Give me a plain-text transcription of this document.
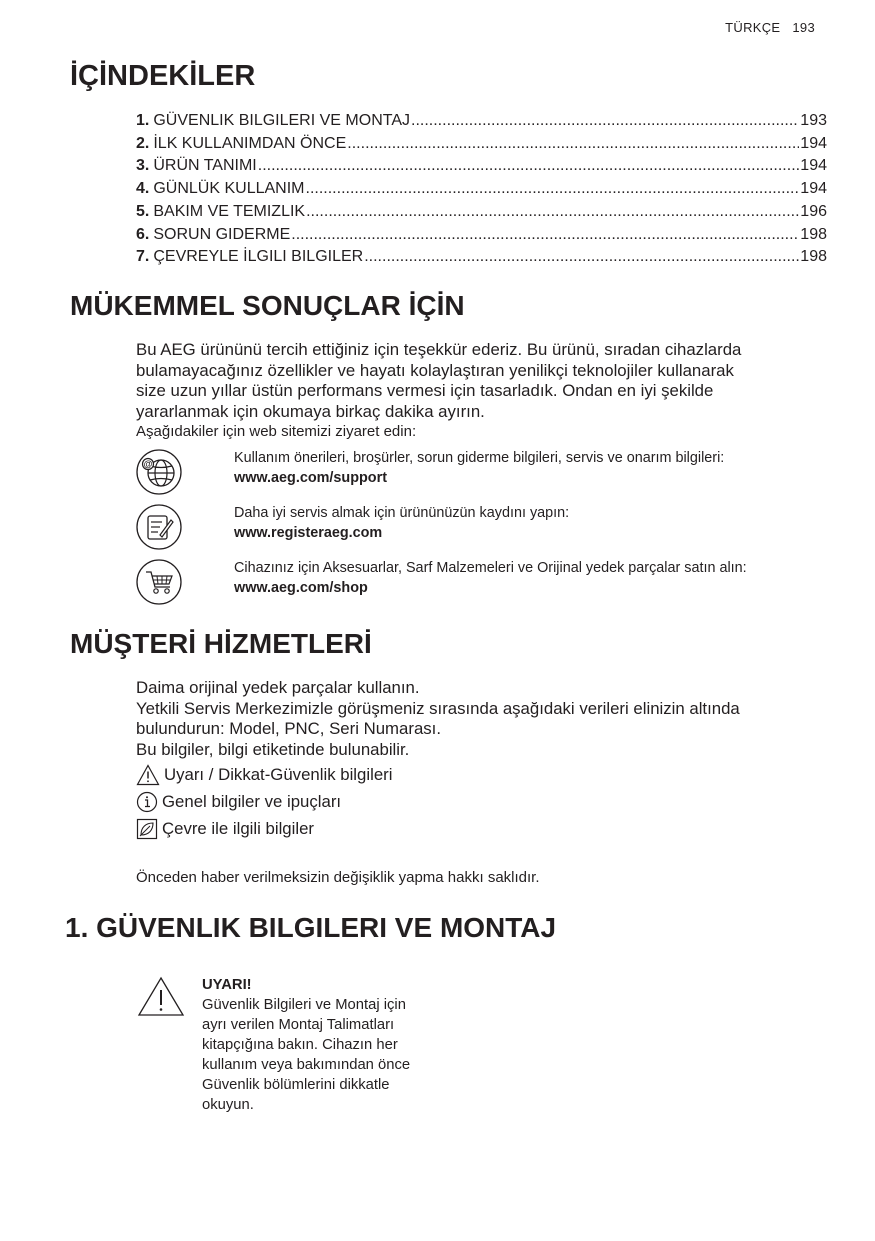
TÜRKÇE 193
İÇİNDEKİLER
1. GÜVENLIK BILGILERI VE MONTAJ .....	193
2. İLK KULLANIMDAN ÖNCE .....	194
3. ÜRÜN TANIMI .....	194
4. GÜNLÜK KULLANIM .....	194
5. BAKIM VE TEMIZLIK .....	196
6. SORUN GIDERME .....	198
7. ÇEVREYLE İLGILI BILGILER .....	198
MÜKEMMEL SONUÇLAR İÇİN
Bu AEG ürününü tercih ettiğiniz için teşekkür ederiz. Bu ürünü, sıradan cihazlarda
bulamayacağınız özellikler ve hayatı kolaylaştıran yenilikçi teknolojiler kullanarak
size uzun yıllar üstün performans vermesi için tasarladık. Ondan en iyi şekilde
yararlanmak için okumaya birkaç dakika ayırın.
Aşağıdakiler için web sitemizi ziyaret edin:
@	Kullanım önerileri, broşürler, sorun giderme bilgileri, servis ve onarım bilgileri:
www.aeg.com/support
Daha iyi servis almak için ürününüzün kaydını yapın:
www.registeraeg.com
Cihazınız için Aksesuarlar, Sarf Malzemeleri ve Orijinal yedek parçalar satın alın:
www.aeg.com/shop
MÜŞTERİ HİZMETLERİ
Daima orijinal yedek parçalar kullanın.
Yetkili Servis Merkezimizle görüşmeniz sırasında aşağıdaki verileri elinizin altında
bulundurun: Model, PNC, Seri Numarası.
Bu bilgiler, bilgi etiketinde bulunabilir.
Uyarı / Dikkat-Güvenlik bilgileri
Genel bilgiler ve ipuçları
Çevre ile ilgili bilgiler
Önceden haber verilmeksizin değişiklik yapma hakkı saklıdır.
1. GÜVENLIK BILGILERI VE MONTAJ
UYARI!
Güvenlik Bilgileri ve Montaj için ayrı verilen Montaj Talimatları kitapçığına bakın. Cihazın her kullanım veya bakımından önce Güvenlik bölümlerini dikkatle okuyun.
